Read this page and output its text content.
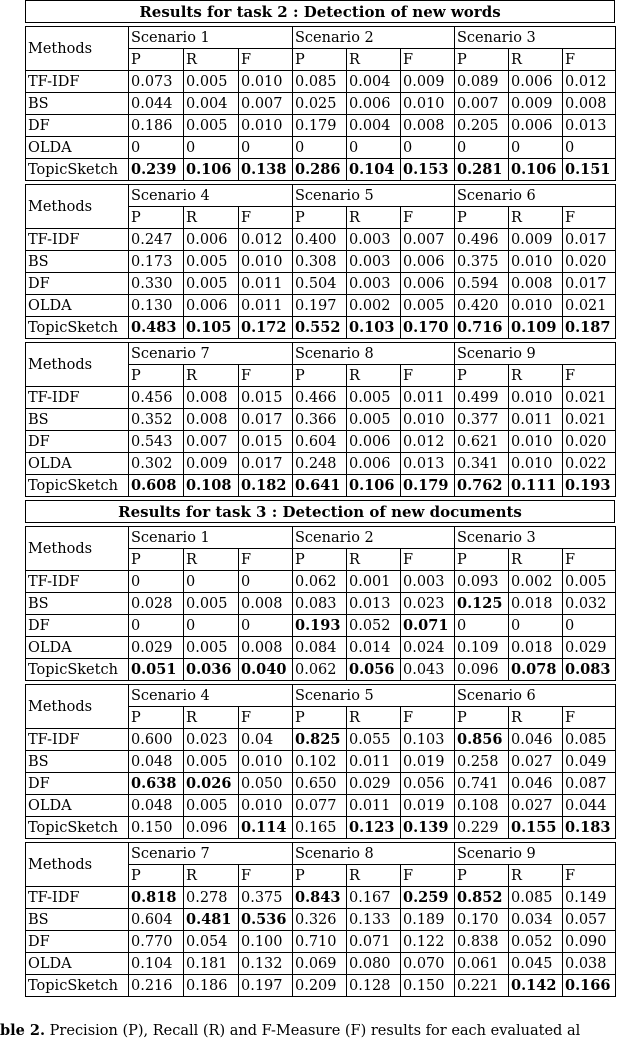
Results for task 2 : Detection of new words
Methods	Scenario 1			Scenario 2			Scenario 3		
	P	R	F	P	R	F	P	R	F
TF-IDF	0.073	0.005	0.010	0.085	0.004	0.009	0.089	0.006	0.012
BS	0.044	0.004	0.007	0.025	0.006	0.010	0.007	0.009	0.008
DF	0.186	0.005	0.010	0.179	0.004	0.008	0.205	0.006	0.013
OLDA	0	0	0	0	0	0	0	0	0
TopicSketch	0.239	0.106	0.138	0.286	0.104	0.153	0.281	0.106	0.151
Methods	Scenario 4			Scenario 5			Scenario 6		
	P	R	F	P	R	F	P	R	F
TF-IDF	0.247	0.006	0.012	0.400	0.003	0.007	0.496	0.009	0.017
BS	0.173	0.005	0.010	0.308	0.003	0.006	0.375	0.010	0.020
DF	0.330	0.005	0.011	0.504	0.003	0.006	0.594	0.008	0.017
OLDA	0.130	0.006	0.011	0.197	0.002	0.005	0.420	0.010	0.021
TopicSketch	0.483	0.105	0.172	0.552	0.103	0.170	0.716	0.109	0.187
Methods	Scenario 7			Scenario 8			Scenario 9		
	P	R	F	P	R	F	P	R	F
TF-IDF	0.456	0.008	0.015	0.466	0.005	0.011	0.499	0.010	0.021
BS	0.352	0.008	0.017	0.366	0.005	0.010	0.377	0.011	0.021
DF	0.543	0.007	0.015	0.604	0.006	0.012	0.621	0.010	0.020
OLDA	0.302	0.009	0.017	0.248	0.006	0.013	0.341	0.010	0.022
TopicSketch	0.608	0.108	0.182	0.641	0.106	0.179	0.762	0.111	0.193
Results for task 3 : Detection of new documents
Methods	Scenario 1			Scenario 2			Scenario 3		
	P	R	F	P	R	F	P	R	F
TF-IDF	0	0	0	0.062	0.001	0.003	0.093	0.002	0.005
BS	0.028	0.005	0.008	0.083	0.013	0.023	0.125	0.018	0.032
DF	0	0	0	0.193	0.052	0.071	0	0	0
OLDA	0.029	0.005	0.008	0.084	0.014	0.024	0.109	0.018	0.029
TopicSketch	0.051	0.036	0.040	0.062	0.056	0.043	0.096	0.078	0.083
Methods	Scenario 4			Scenario 5			Scenario 6		
	P	R	F	P	R	F	P	R	F
TF-IDF	0.600	0.023	0.04	0.825	0.055	0.103	0.856	0.046	0.085
BS	0.048	0.005	0.010	0.102	0.011	0.019	0.258	0.027	0.049
DF	0.638	0.026	0.050	0.650	0.029	0.056	0.741	0.046	0.087
OLDA	0.048	0.005	0.010	0.077	0.011	0.019	0.108	0.027	0.044
TopicSketch	0.150	0.096	0.114	0.165	0.123	0.139	0.229	0.155	0.183
Methods	Scenario 7			Scenario 8			Scenario 9		
	P	R	F	P	R	F	P	R	F
TF-IDF	0.818	0.278	0.375	0.843	0.167	0.259	0.852	0.085	0.149
BS	0.604	0.481	0.536	0.326	0.133	0.189	0.170	0.034	0.057
DF	0.770	0.054	0.100	0.710	0.071	0.122	0.838	0.052	0.090
OLDA	0.104	0.181	0.132	0.069	0.080	0.070	0.061	0.045	0.038
TopicSketch	0.216	0.186	0.197	0.209	0.128	0.150	0.221	0.142	0.166
ble 2. Precision (P), Recall (R) and F-Measure (F) results for each evaluated al
